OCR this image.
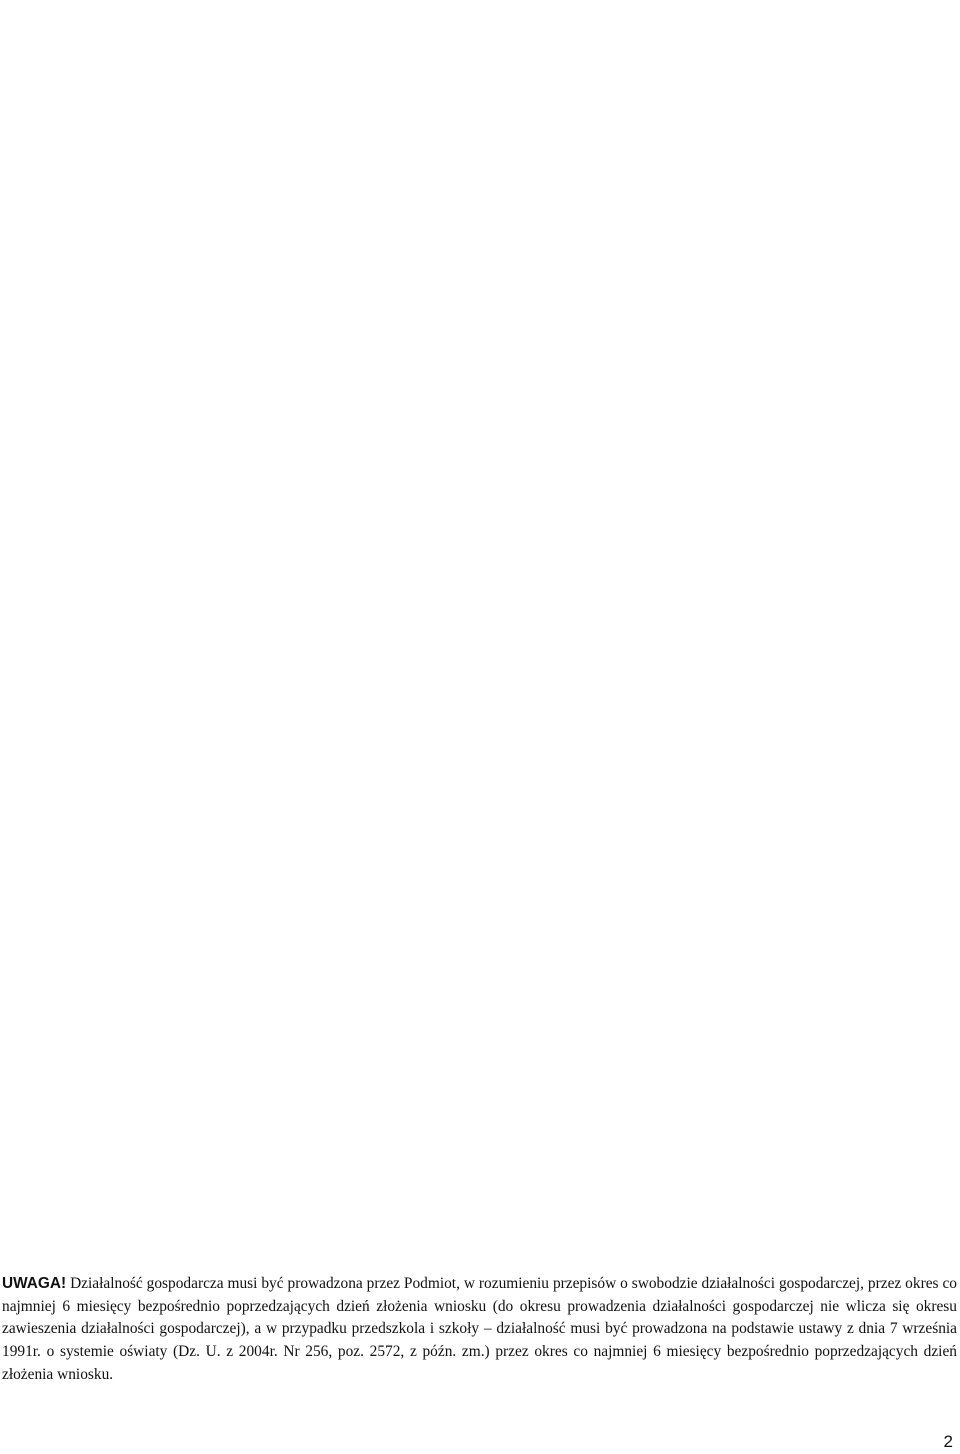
UWAGA! Działalność gospodarcza musi być prowadzona przez Podmiot, w rozumieniu przepisów o swobodzie działalności gospodarczej, przez okres co najmniej 6 miesięcy bezpośrednio poprzedzających dzień złożenia wniosku (do okresu prowadzenia działalności gospodarczej nie wlicza się okresu zawieszenia działalności gospodarczej), a w przypadku przedszkola i szkoły – działalność musi być prowadzona na podstawie ustawy z dnia 7 września 1991r. o systemie oświaty (Dz. U. z 2004r. Nr 256, poz. 2572, z późn. zm.) przez okres co najmniej 6 miesięcy bezpośrednio poprzedzających dzień złożenia wniosku.
2
